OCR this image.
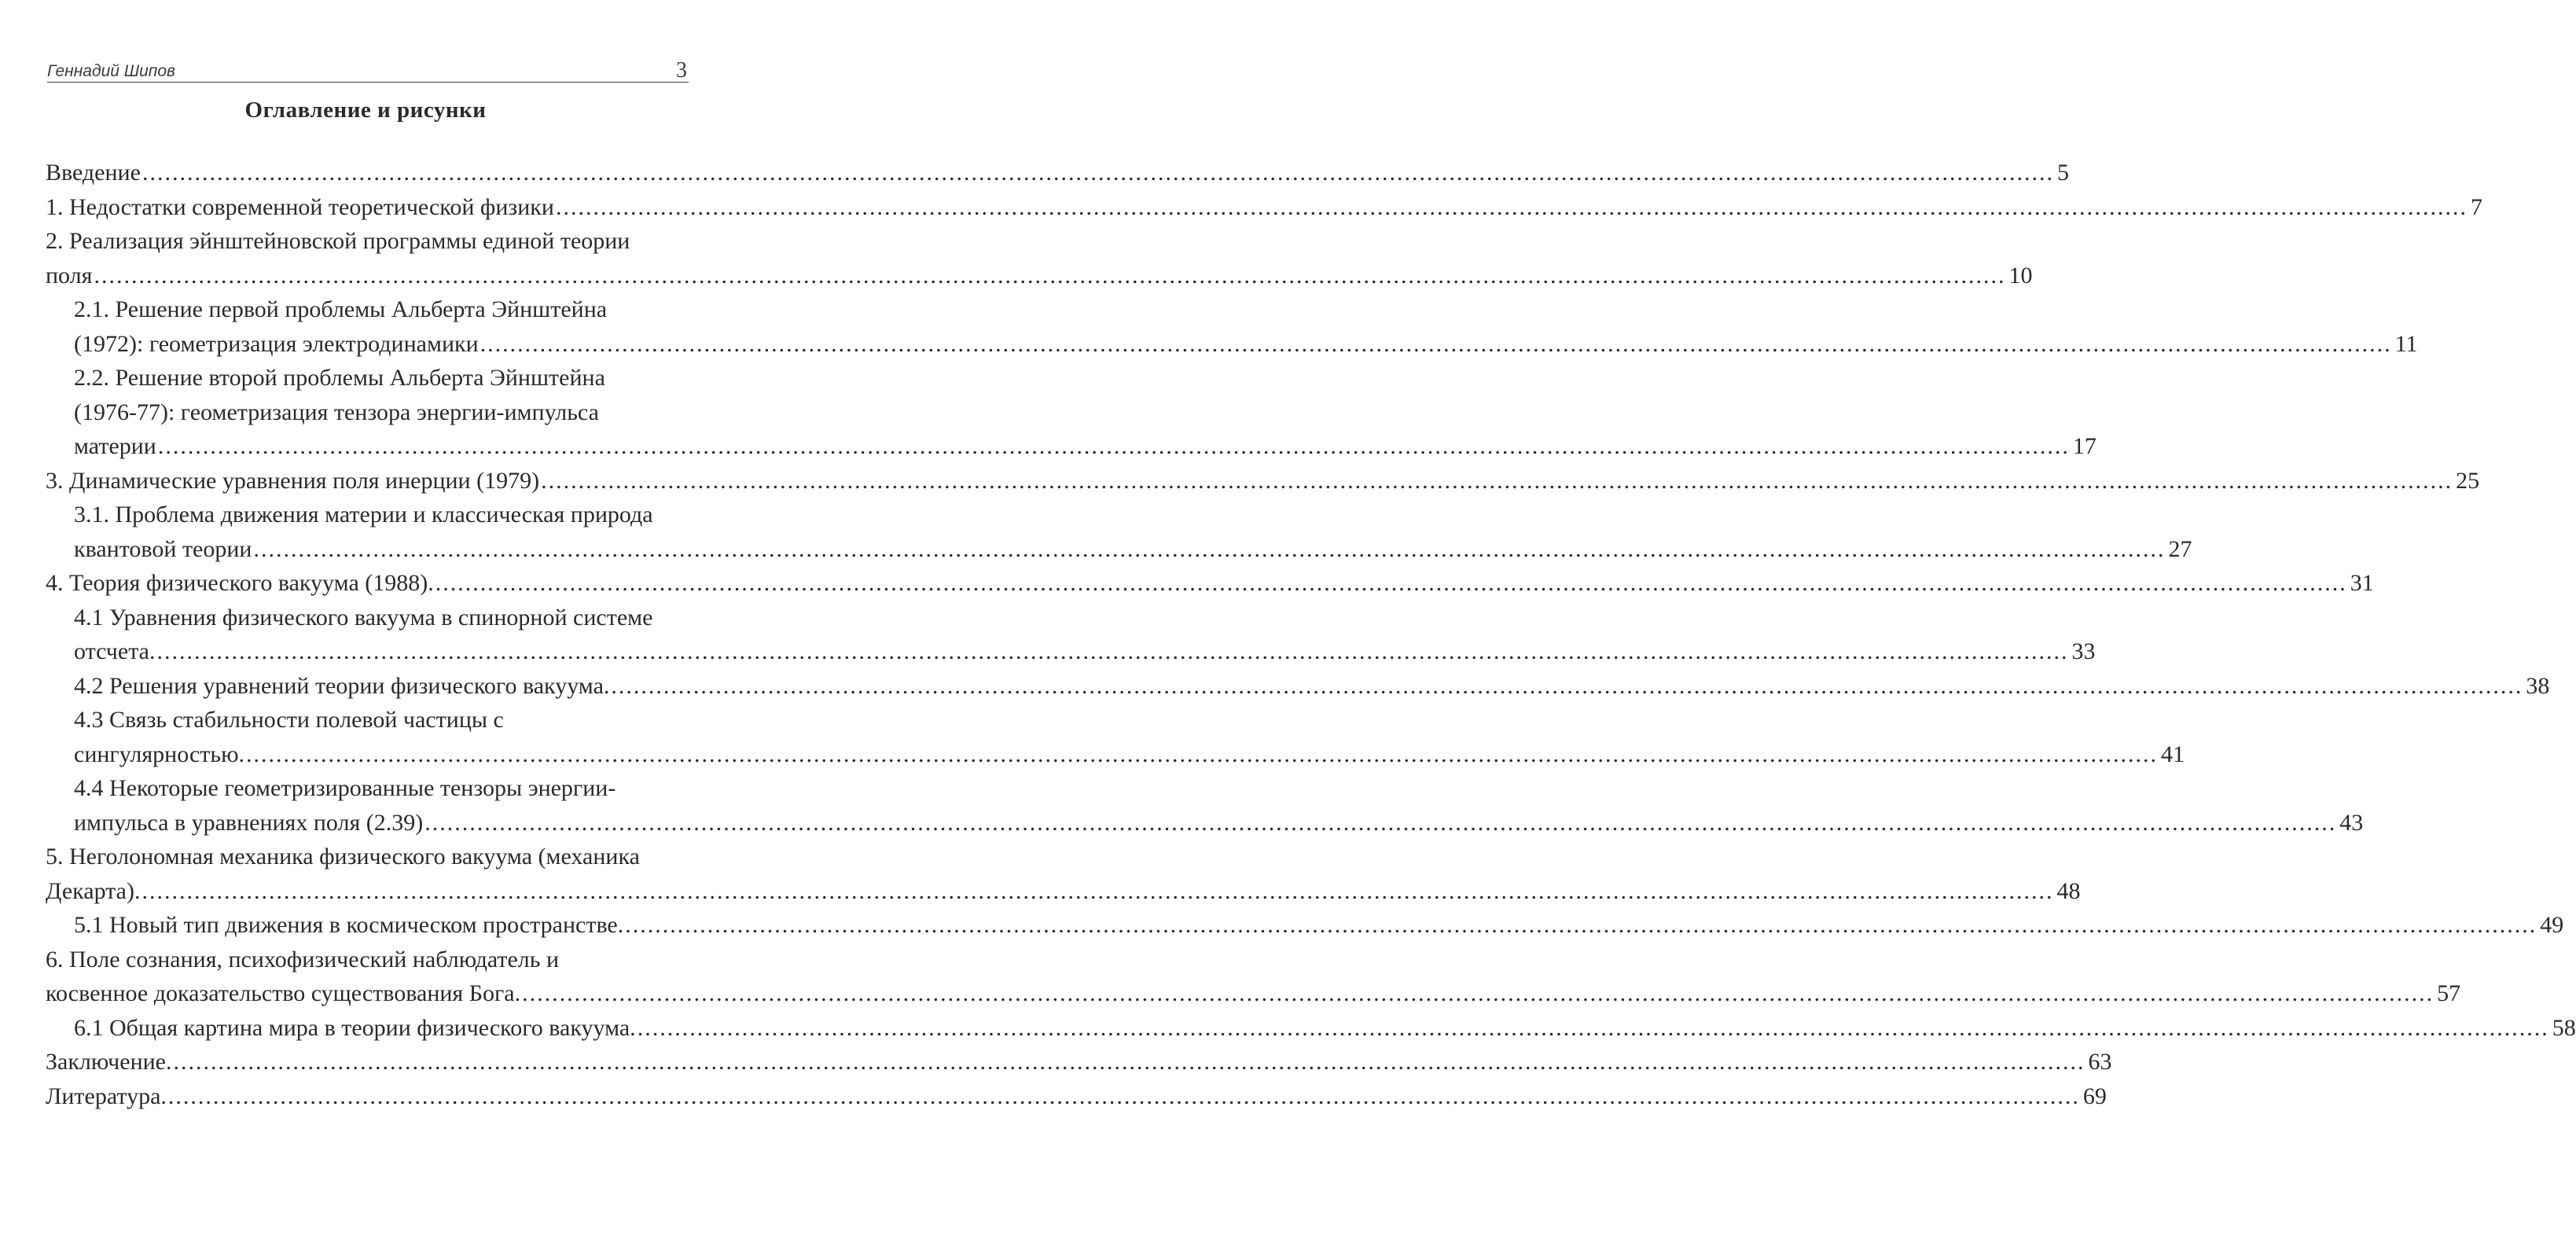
Геннадий Шипов	3
Оглавление и рисунки
Введение ................................................................................................................................................................................................................................................................ 5
1. Недостатки современной теоретической физики ................................................................................................................................................................................................................................................................ 7
2. Реализация эйнштейновской программы единой теории
поля ................................................................................................................................................................................................................................................................ 10
2.1. Решение первой проблемы Альберта Эйнштейна
(1972): геометризация электродинамики ................................................................................................................................................................................................................................................................ 11
2.2. Решение второй проблемы Альберта Эйнштейна
(1976-77): геометризация тензора энергии-импульса
материи ................................................................................................................................................................................................................................................................ 17
3. Динамические уравнения поля инерции (1979) ................................................................................................................................................................................................................................................................ 25
3.1. Проблема движения материи и классическая природа
квантовой теории ................................................................................................................................................................................................................................................................ 27
4. Теория физического вакуума (1988). ................................................................................................................................................................................................................................................................ 31
4.1 Уравнения физического вакуума в спинорной системе
отсчета. ................................................................................................................................................................................................................................................................ 33
4.2 Решения уравнений теории физического вакуума. ................................................................................................................................................................................................................................................................ 38
4.3 Связь стабильности полевой частицы с
сингулярностью. ................................................................................................................................................................................................................................................................ 41
4.4 Некоторые геометризированные тензоры энергии-
импульса в уравнениях поля (2.39) ................................................................................................................................................................................................................................................................ 43
5. Неголономная механика физического вакуума (механика
Декарта). ................................................................................................................................................................................................................................................................ 48
5.1 Новый тип движения в космическом пространстве. ................................................................................................................................................................................................................................................................ 49
6. Поле сознания, психофизический наблюдатель и
косвенное доказательство существования Бога. ................................................................................................................................................................................................................................................................ 57
6.1 Общая картина мира в теории физического вакуума. ................................................................................................................................................................................................................................................................ 58
Заключение. ................................................................................................................................................................................................................................................................ 63
Литература. ................................................................................................................................................................................................................................................................ 69
